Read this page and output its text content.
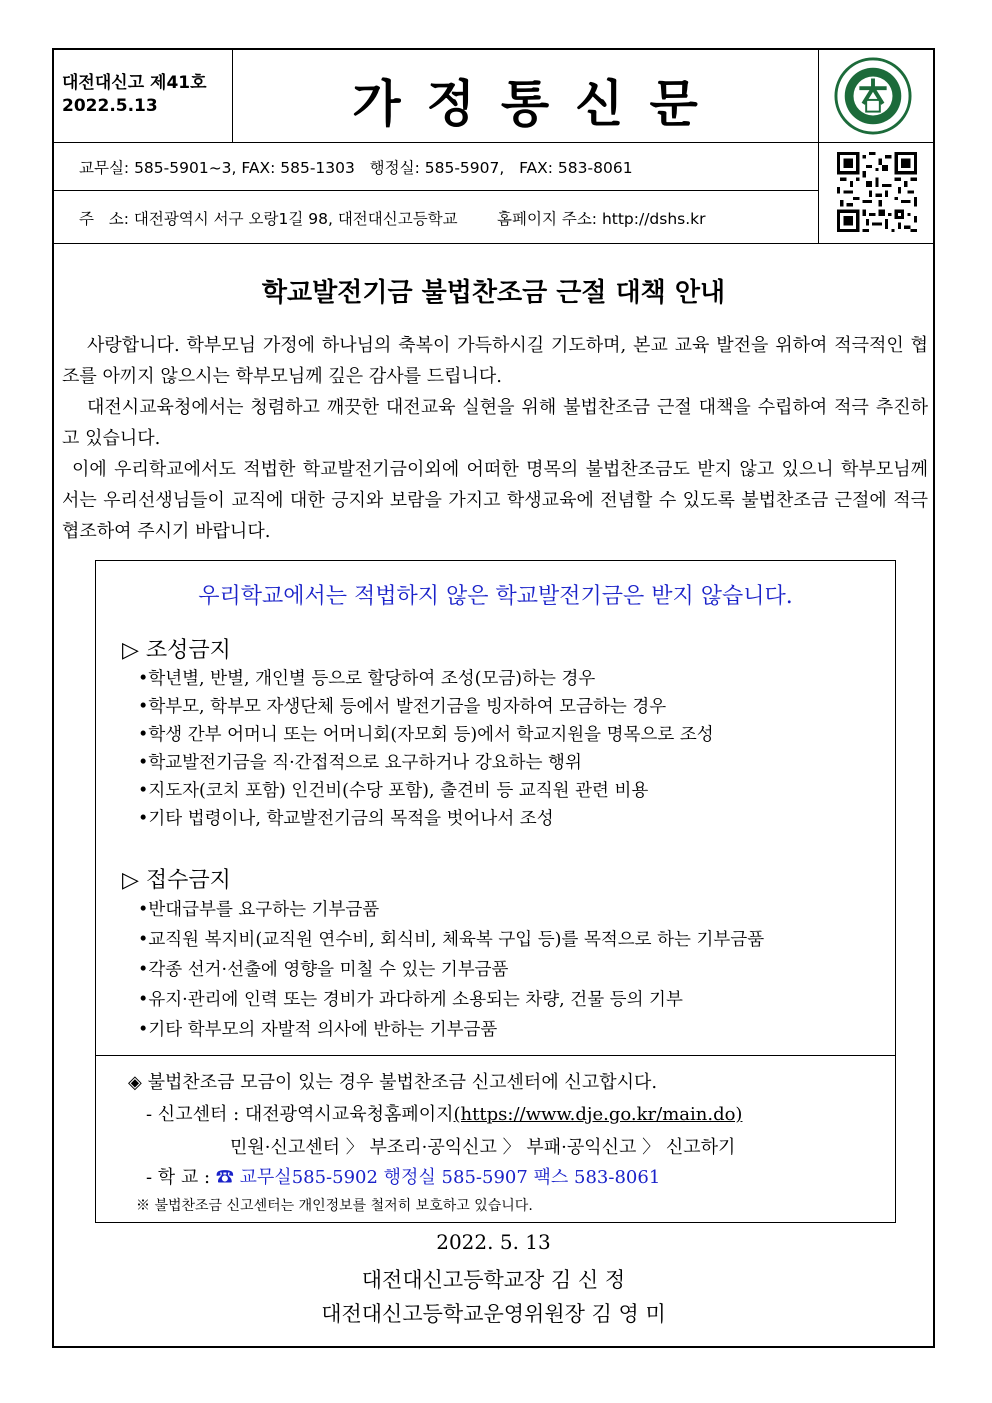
대전대신고 제41호
2022.5.13	가정통신문
교무실: 585-5901~3, FAX: 585-1303   행정실: 585-5907,   FAX: 583-8061
주   소: 대전광역시 서구 오랑1길 98, 대전대신고등학교        홈페이지 주소: http://dshs.kr
학교발전기금 불법찬조금 근절 대책 안내
사랑합니다. 학부모님 가정에 하나님의 축복이 가득하시길 기도하며, 본교 교육 발전을 위하여 적극적인 협조를 아끼지 않으시는 학부모님께 깊은 감사를 드립니다.
대전시교육청에서는 청렴하고 깨끗한 대전교육 실현을 위해 불법찬조금 근절 대책을 수립하여 적극 추진하고 있습니다.
이에 우리학교에서도 적법한 학교발전기금이외에 어떠한 명목의 불법찬조금도 받지 않고 있으니 학부모님께서는 우리선생님들이 교직에 대한 긍지와 보람을 가지고 학생교육에 전념할 수 있도록 불법찬조금 근절에 적극 협조하여 주시기 바랍니다.
우리학교에서는 적법하지 않은 학교발전기금은 받지 않습니다.
▷ 조성금지
•학년별, 반별, 개인별 등으로 할당하여 조성(모금)하는 경우
•학부모, 학부모 자생단체 등에서 발전기금을 빙자하여 모금하는 경우
•학생 간부 어머니 또는 어머니회(자모회 등)에서 학교지원을 명목으로 조성
•학교발전기금을 직·간접적으로 요구하거나 강요하는 행위
•지도자(코치 포함) 인건비(수당 포함), 출견비 등 교직원 관련 비용
•기타 법령이나, 학교발전기금의 목적을 벗어나서 조성
▷ 접수금지
•반대급부를 요구하는 기부금품
•교직원 복지비(교직원 연수비, 회식비, 체육복 구입 등)를 목적으로 하는 기부금품
•각종 선거·선출에 영향을 미칠 수 있는 기부금품
•유지·관리에 인력 또는 경비가 과다하게 소용되는 차량, 건물 등의 기부
•기타 학부모의 자발적 의사에 반하는 기부금품
◈ 불법찬조금 모금이 있는 경우 불법찬조금 신고센터에 신고합시다.
- 신고센터 : 대전광역시교육청홈페이지(https://www.dje.go.kr/main.do)
민원·신고센터 〉 부조리·공익신고 〉 부패·공익신고 〉 신고하기
- 학 교 : ☎ 교무실585-5902 행정실 585-5907 팩스 583-8061
※ 불법찬조금 신고센터는 개인정보를 철저히 보호하고 있습니다.
2022. 5. 13
대전대신고등학교장 김 신 정
대전대신고등학교운영위원장 김 영 미
